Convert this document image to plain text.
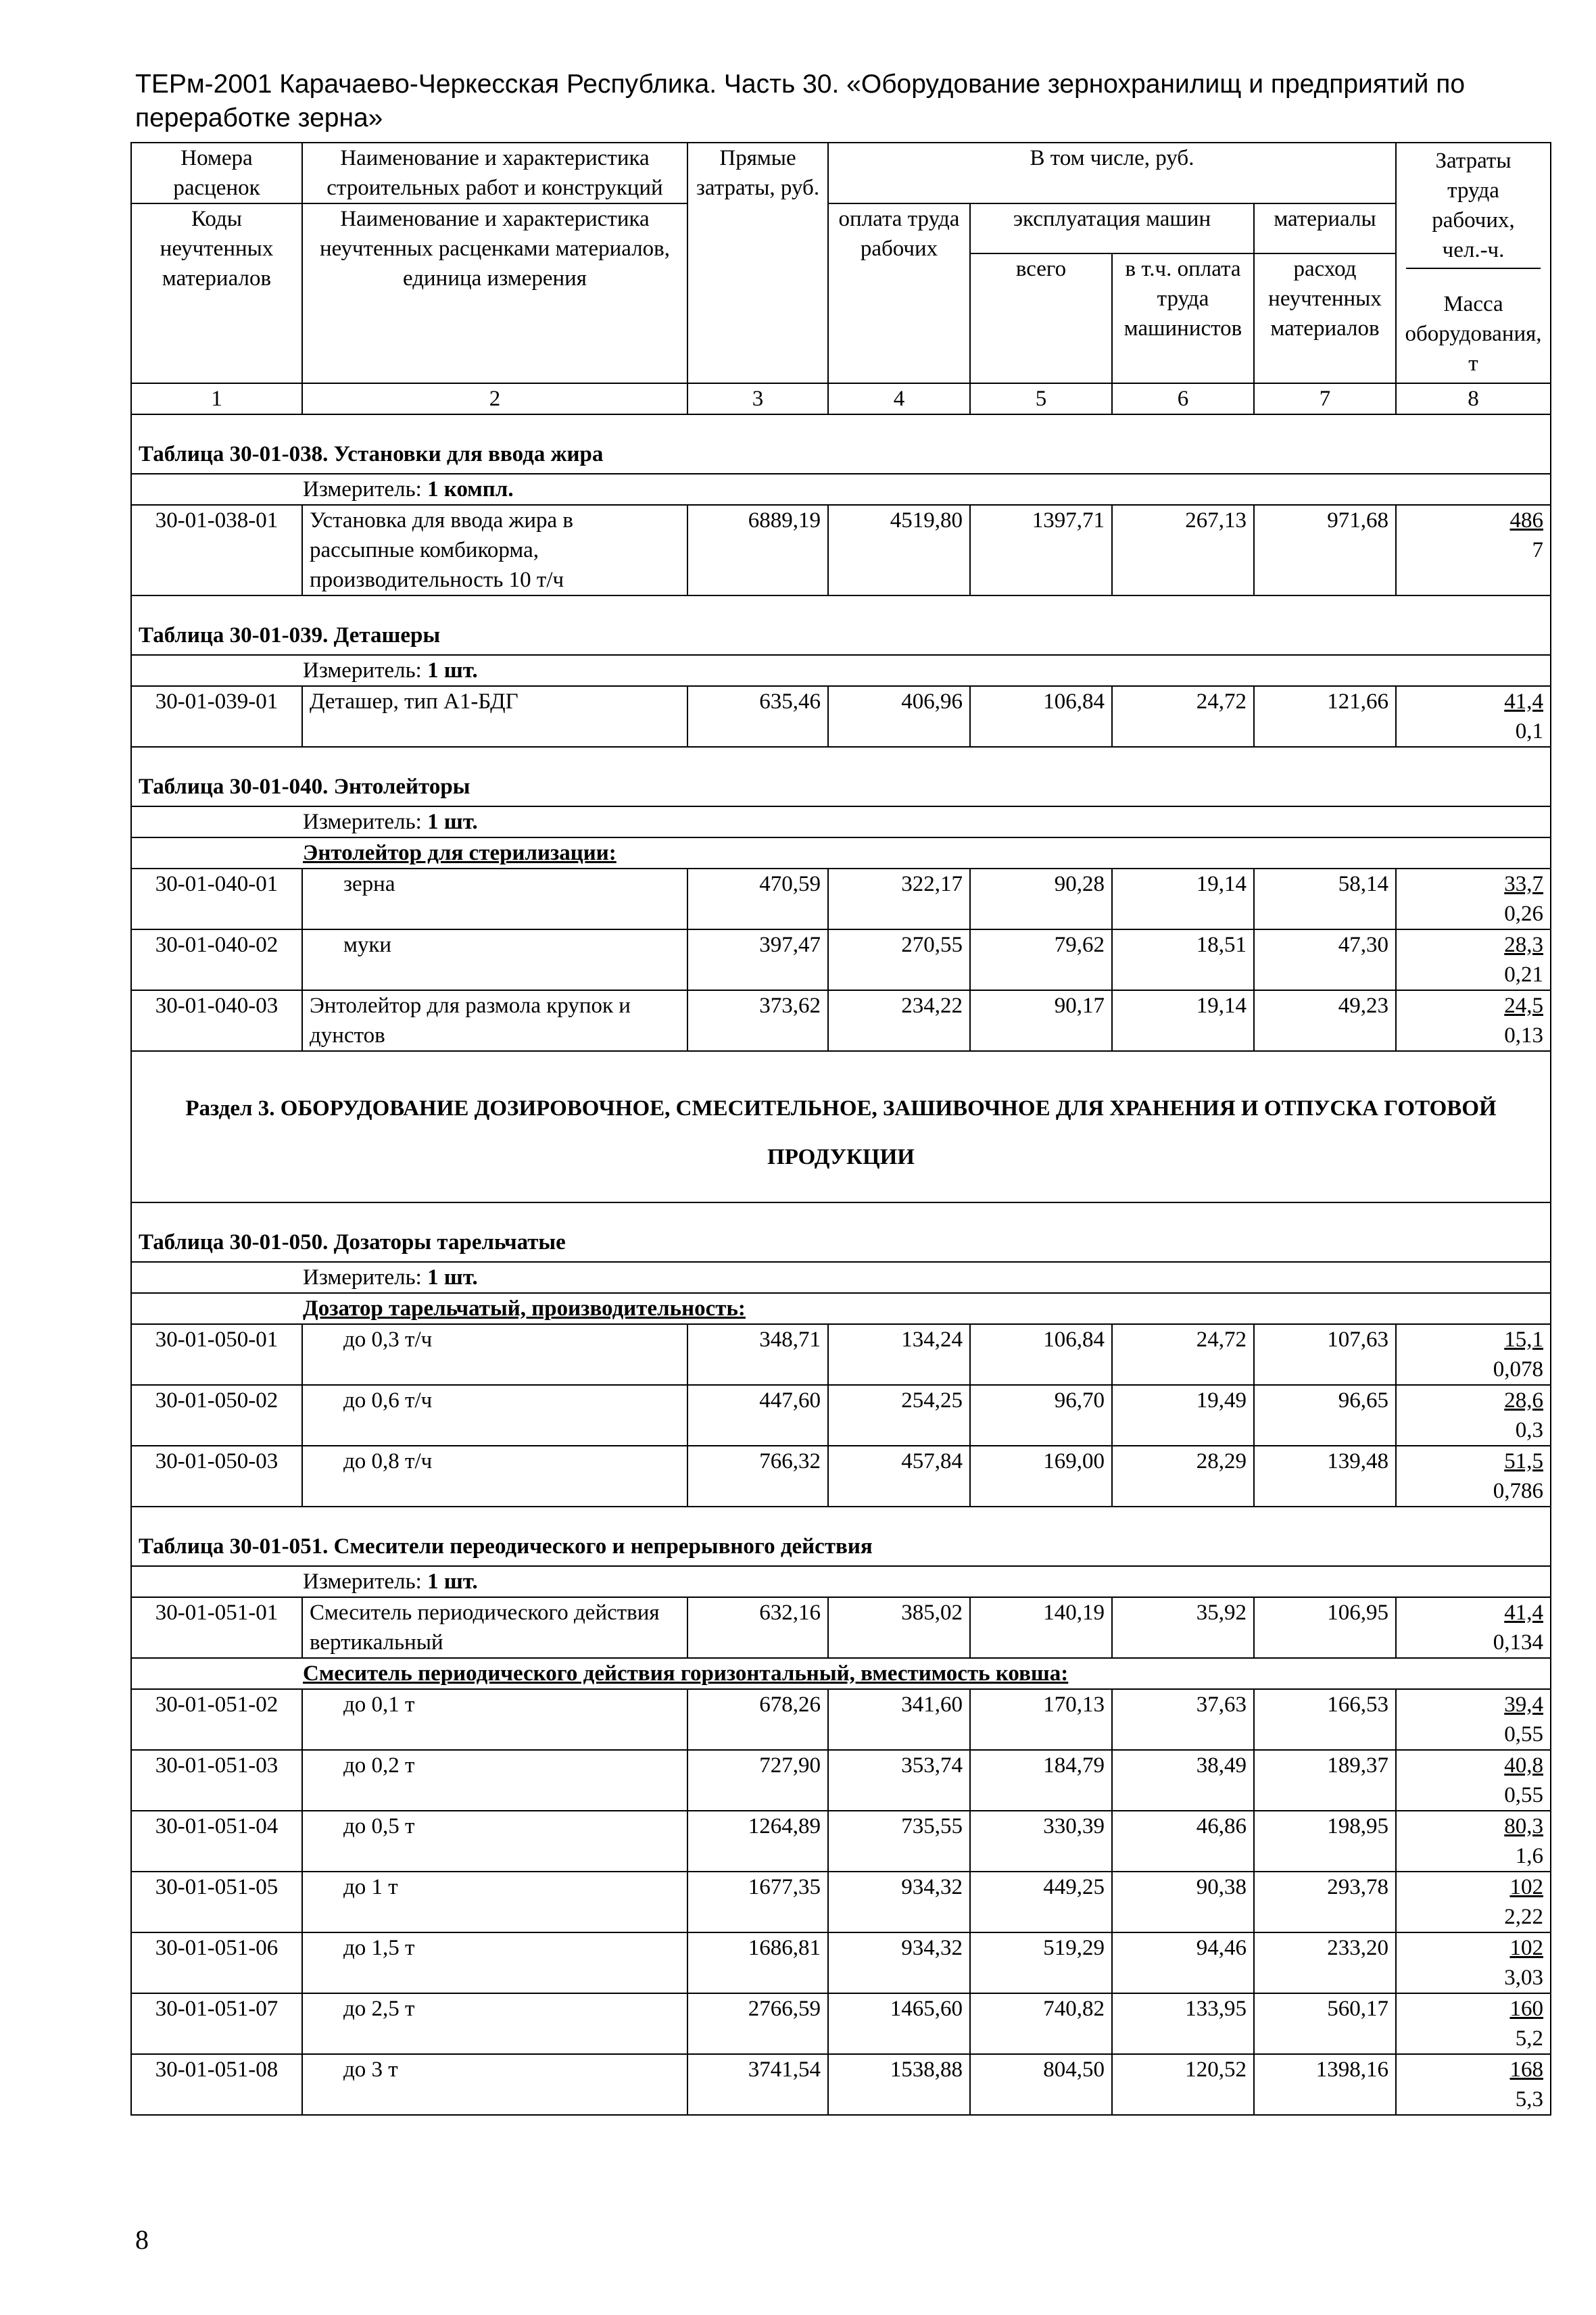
ТЕРм-2001 Карачаево-Черкесская Республика. Часть 30. «Оборудование зернохранилищ и предприятий по переработке зерна»
Номера расценок	Наименование и характеристика строительных работ и конструкций	Прямые затраты, руб.	В том числе, руб.				Затраты труда рабочих, чел.-ч.
Масса оборудования, т

Коды неучтенных материалов	Наименование и характеристика неучтенных расценками материалов, единица измерения		оплата труда рабочих	эксплуатация машин		материалы	
				всего	в т.ч. оплата труда машинистов	расход неучтенных материалов	
1	2	3	4	5	6	7	8
Таблица 30-01-038. Установки для ввода жира							
Измеритель: 1 компл.							
30-01-038-01	Установка для ввода жира в рассыпные комбикорма, производительность 10 т/ч	6889,19	4519,80	1397,71	267,13	971,68	486
7

Таблица 30-01-039. Деташеры							
Измеритель: 1 шт.							
30-01-039-01	Деташер, тип А1-БДГ	635,46	406,96	106,84	24,72	121,66	41,4
0,1

Таблица 30-01-040. Энтолейторы							
Измеритель: 1 шт.							
Энтолейтор для стерилизации:							
30-01-040-01	зерна	470,59	322,17	90,28	19,14	58,14	33,7
0,26

30-01-040-02	муки	397,47	270,55	79,62	18,51	47,30	28,3
0,21

30-01-040-03	Энтолейтор для размола крупок и дунстов	373,62	234,22	90,17	19,14	49,23	24,5
0,13

Раздел 3. ОБОРУДОВАНИЕ ДОЗИРОВОЧНОЕ, СМЕСИТЕЛЬНОЕ, ЗАШИВОЧНОЕ ДЛЯ ХРАНЕНИЯ И ОТПУСКА ГОТОВОЙ ПРОДУКЦИИ							
Таблица 30-01-050. Дозаторы тарельчатые							
Измеритель: 1 шт.							
Дозатор тарельчатый, производительность:							
30-01-050-01	до 0,3 т/ч	348,71	134,24	106,84	24,72	107,63	15,1
0,078

30-01-050-02	до 0,6 т/ч	447,60	254,25	96,70	19,49	96,65	28,6
0,3

30-01-050-03	до 0,8 т/ч	766,32	457,84	169,00	28,29	139,48	51,5
0,786

Таблица 30-01-051. Смесители переодического и непрерывного действия							
Измеритель: 1 шт.							
30-01-051-01	Смеситель периодического действия вертикальный	632,16	385,02	140,19	35,92	106,95	41,4
0,134

Смеситель периодического действия горизонтальный, вместимость ковша:							
30-01-051-02	до 0,1 т	678,26	341,60	170,13	37,63	166,53	39,4
0,55

30-01-051-03	до 0,2 т	727,90	353,74	184,79	38,49	189,37	40,8
0,55

30-01-051-04	до 0,5 т	1264,89	735,55	330,39	46,86	198,95	80,3
1,6

30-01-051-05	до 1 т	1677,35	934,32	449,25	90,38	293,78	102
2,22

30-01-051-06	до 1,5 т	1686,81	934,32	519,29	94,46	233,20	102
3,03

30-01-051-07	до 2,5 т	2766,59	1465,60	740,82	133,95	560,17	160
5,2

30-01-051-08	до 3 т	3741,54	1538,88	804,50	120,52	1398,16	168
5,3
8
